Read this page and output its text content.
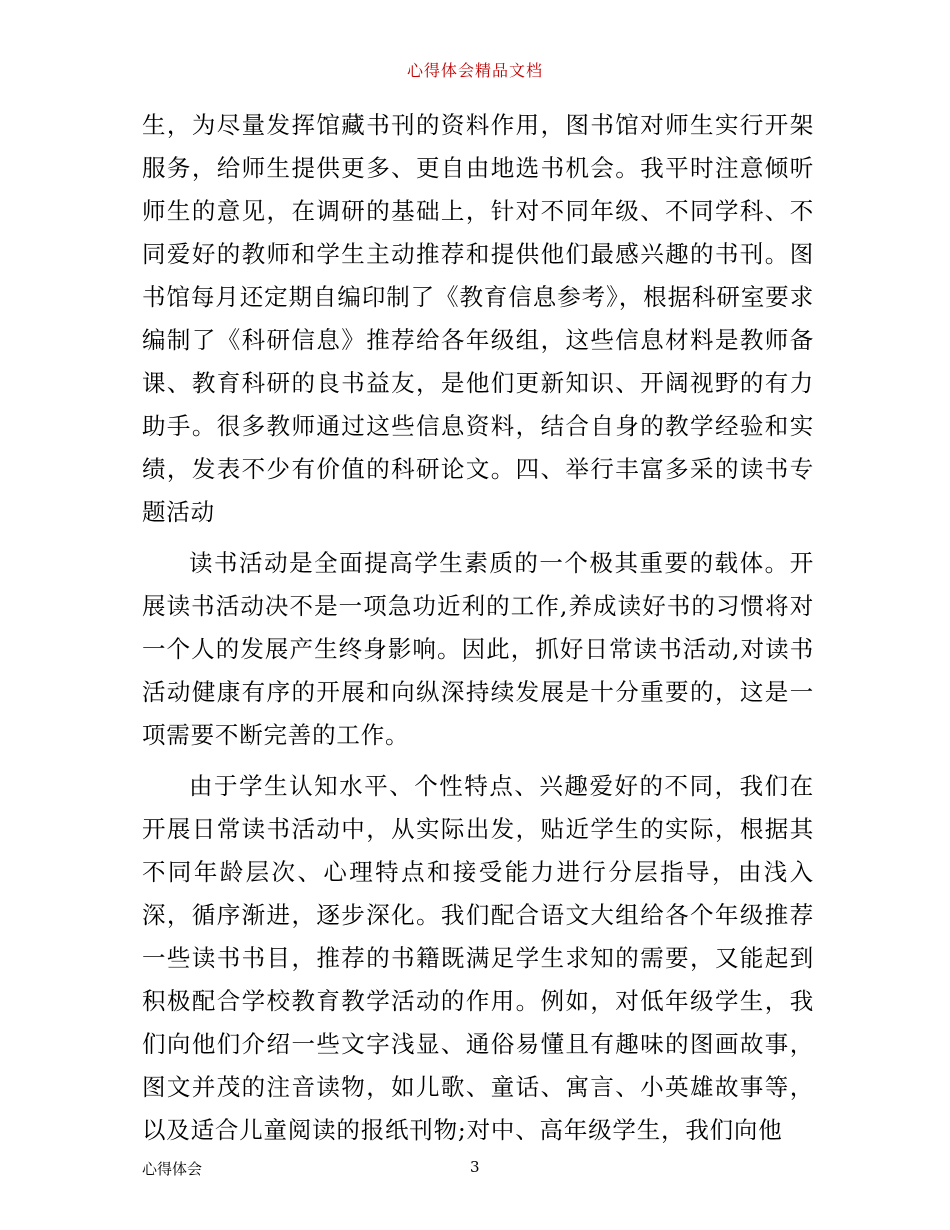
心得体会精品文档

生，为尽量发挥馆藏书刊的资料作用，图书馆对师生实行开架服务，给师生提供更多、更自由地选书机会。我平时注意倾听师生的意见，在调研的基础上，针对不同年级、不同学科、不同爱好的教师和学生主动推荐和提供他们最感兴趣的书刊。图书馆每月还定期自编印制了《教育信息参考》，根据科研室要求编制了《科研信息》推荐给各年级组，这些信息材料是教师备课、教育科研的良书益友，是他们更新知识、开阔视野的有力助手。很多教师通过这些信息资料，结合自身的教学经验和实绩，发表不少有价值的科研论文。四、举行丰富多采的读书专题活动

读书活动是全面提高学生素质的一个极其重要的载体。开展读书活动决不是一项急功近利的工作,养成读好书的习惯将对一个人的发展产生终身影响。因此，抓好日常读书活动,对读书活动健康有序的开展和向纵深持续发展是十分重要的，这是一项需要不断完善的工作。

由于学生认知水平、个性特点、兴趣爱好的不同，我们在开展日常读书活动中，从实际出发，贴近学生的实际，根据其不同年龄层次、心理特点和接受能力进行分层指导，由浅入深，循序渐进，逐步深化。我们配合语文大组给各个年级推荐一些读书书目，推荐的书籍既满足学生求知的需要，又能起到积极配合学校教育教学活动的作用。例如，对低年级学生，我们向他们介绍一些文字浅显、通俗易懂且有趣味的图画故事，图文并茂的注音读物，如儿歌、童话、寓言、小英雄故事等，以及适合儿童阅读的报纸刊物;对中、高年级学生，我们向他

心得体会	3
